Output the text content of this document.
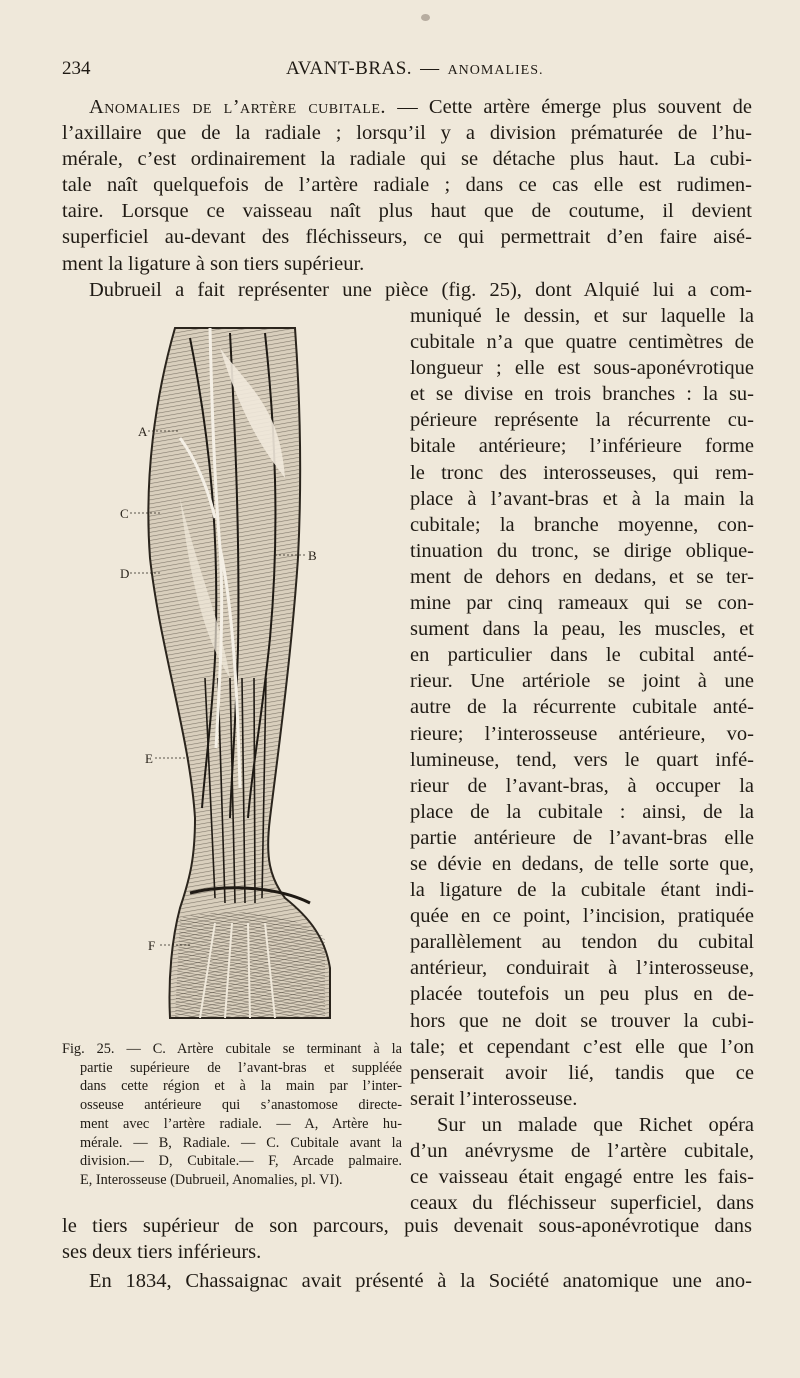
234	AVANT-BRAS. — ANOMALIES.
Anomalies de l’artère cubitale. — Cette artère émerge plus souvent de
l’axillaire que de la radiale ; lorsqu’il y a division prématurée de l’hu-
mérale, c’est ordinairement la radiale qui se détache plus haut. La cubi-
tale naît quelquefois de l’artère radiale ; dans ce cas elle est rudimen-
taire. Lorsque ce vaisseau naît plus haut que de coutume, il devient
superficiel au-devant des fléchisseurs, ce qui permettrait d’en faire aisé-
ment la ligature à son tiers supérieur.
Dubrueil a fait représenter une pièce (fig. 25), dont Alquié lui a com-
A
C
D
B
E
F
muniqué le dessin, et sur laquelle la
cubitale n’a que quatre centimètres de
longueur ; elle est sous-aponévrotique
et se divise en trois branches : la su-
périeure représente la récurrente cu-
bitale antérieure; l’inférieure forme
le tronc des interosseuses, qui rem-
place à l’avant-bras et à la main la
cubitale; la branche moyenne, con-
tinuation du tronc, se dirige oblique-
ment de dehors en dedans, et se ter-
mine par cinq rameaux qui se con-
sument dans la peau, les muscles, et
en particulier dans le cubital anté-
rieur. Une artériole se joint à une
autre de la récurrente cubitale anté-
rieure; l’interosseuse antérieure, vo-
lumineuse, tend, vers le quart infé-
rieur de l’avant-bras, à occuper la
place de la cubitale : ainsi, de la
partie antérieure de l’avant-bras elle
se dévie en dedans, de telle sorte que,
la ligature de la cubitale étant indi-
quée en ce point, l’incision, pratiquée
parallèlement au tendon du cubital
antérieur, conduirait à l’interosseuse,
placée toutefois un peu plus en de-
hors que ne doit se trouver la cubi-
tale; et cependant c’est elle que l’on
penserait avoir lié, tandis que ce
serait l’interosseuse.
Sur un malade que Richet opéra
d’un anévrysme de l’artère cubitale,
ce vaisseau était engagé entre les fais-
ceaux du fléchisseur superficiel, dans
Fig. 25. — C. Artère cubitale se terminant à la
partie supérieure de l’avant-bras et suppléée
dans cette région et à la main par l’inter-
osseuse antérieure qui s’anastomose directe-
ment avec l’artère radiale. — A, Artère hu-
mérale. — B, Radiale. — C. Cubitale avant la
division.— D, Cubitale.— F, Arcade palmaire.
E, Interosseuse (Dubrueil, Anomalies, pl. VI).
le tiers supérieur de son parcours, puis devenait sous-aponévrotique dans
ses deux tiers inférieurs.
En 1834, Chassaignac avait présenté à la Société anatomique une ano-
